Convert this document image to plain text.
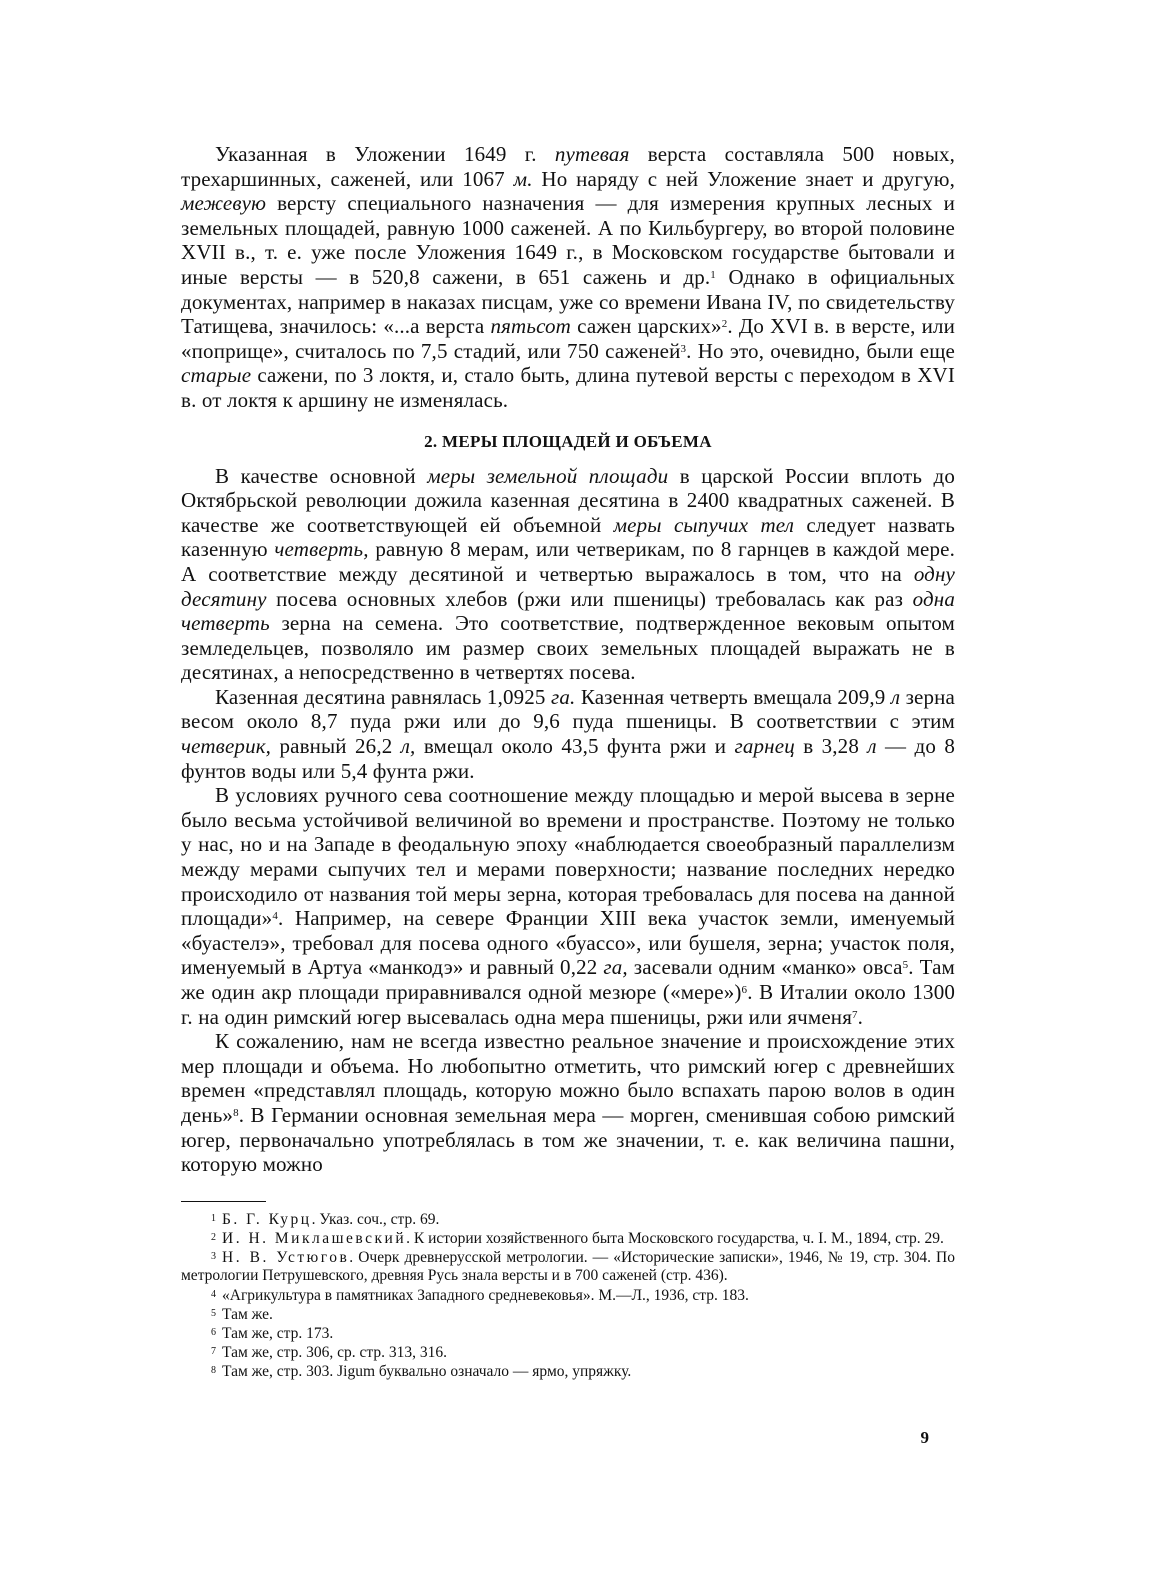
Указанная в Уложении 1649 г. путевая верста составляла 500 новых, трехаршинных, саженей, или 1067 м. Но наряду с ней Уложение знает и другую, межевую версту специального назначения — для измерения крупных лесных и земельных площадей, равную 1000 саженей. А по Кильбургеру, во второй половине XVII в., т. е. уже после Уложения 1649 г., в Московском государстве бытовали и иные версты — в 520,8 сажени, в 651 сажень и др.$^1$ Однако в официальных документах, например в наказах писцам, уже со времени Ивана IV, по свидетельству Татищева, значилось: «...а верста пятьсот сажен царских»$^2$. До XVI в. в версте, или «поприще», считалось по 7,5 стадий, или 750 саженей$^3$. Но это, очевидно, были еще старые сажени, по 3 локтя, и, стало быть, длина путевой версты с переходом в XVI в. от локтя к аршину не изменялась.

2. МЕРЫ ПЛОЩАДЕЙ И ОБЪЕМА

В качестве основной меры земельной площади в царской России вплоть до Октябрьской революции дожила казенная десятина в 2400 квадратных саженей. В качестве же соответствующей ей объемной меры сыпучих тел следует назвать казенную четверть, равную 8 мерам, или четверикам, по 8 гарнцев в каждой мере. А соответствие между десятиной и четвертью выражалось в том, что на одну десятину посева основных хлебов (ржи или пшеницы) требовалась как раз одна четверть зерна на семена. Это соответствие, подтвержденное вековым опытом земледельцев, позволяло им размер своих земельных площадей выражать не в десятинах, а непосредственно в четвертях посева.

Казенная десятина равнялась 1,0925 га. Казенная четверть вмещала 209,9 л зерна весом около 8,7 пуда ржи или до 9,6 пуда пшеницы. В соответствии с этим четверик, равный 26,2 л, вмещал около 43,5 фунта ржи и гарнец в 3,28 л — до 8 фунтов воды или 5,4 фунта ржи.

В условиях ручного сева соотношение между площадью и мерой высева в зерне было весьма устойчивой величиной во времени и пространстве. Поэтому не только у нас, но и на Западе в феодальную эпоху «наблюдается своеобразный параллелизм между мерами сыпучих тел и мерами поверхности; название последних нередко происходило от названия той меры зерна, которая требовалась для посева на данной площади»$^4$. Например, на севере Франции XIII века участок земли, именуемый «буастелэ», требовал для посева одного «буассо», или бушеля, зерна; участок поля, именуемый в Артуа «манкодэ» и равный 0,22 га, засевали одним «манко» овса$^5$. Там же один акр площади приравнивался одной мезюре («мере»)$^6$. В Италии около 1300 г. на один римский югер высевалась одна мера пшеницы, ржи или ячменя$^7$.

К сожалению, нам не всегда известно реальное значение и происхождение этих мер площади и объема. Но любопытно отметить, что римский югер с древнейших времен «представлял площадь, которую можно было вспахать парою волов в один день»$^8$. В Германии основная земельная мера — морген, сменившая собою римский югер, первоначально употреблялась в том же значении, т. е. как величина пашни, которую можно

1 Б. Г. Курц. Указ. соч., стр. 69.

2 И. Н. Миклашевский. К истории хозяйственного быта Московского государства, ч. I. М., 1894, стр. 29.

3 Н. В. Устюгов. Очерк древнерусской метрологии. — «Исторические записки», 1946, № 19, стр. 304. По метрологии Петрушевского, древняя Русь знала версты и в 700 саженей (стр. 436).

4 «Агрикультура в памятниках Западного средневековья». М.—Л., 1936, стр. 183.

5 Там же.

6 Там же, стр. 173.

7 Там же, стр. 306, ср. стр. 313, 316.

8 Там же, стр. 303. Jigum буквально означало — ярмо, упряжку.

9
